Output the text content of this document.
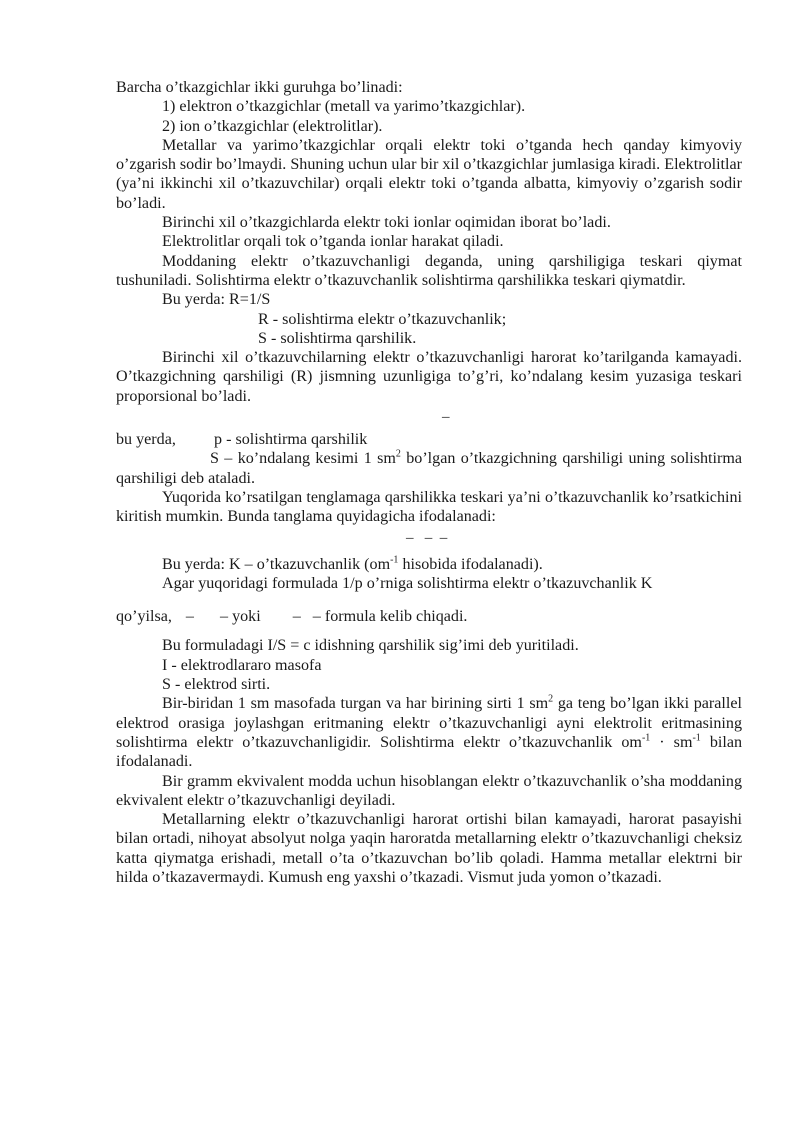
Barcha o’tkazgichlar ikki guruhga bo’linadi:

1) elektron o’tkazgichlar (metall va yarimo’tkazgichlar).

2) ion o’tkazgichlar (elektrolitlar).

Metallar va yarimo’tkazgichlar orqali elektr toki o’tganda hech qanday kimyoviy o’zgarish sodir bo’lmaydi. Shuning uchun ular bir xil o’tkazgichlar jumlasiga kiradi. Elektrolitlar (ya’ni ikkinchi xil o’tkazuvchilar) orqali elektr toki o’tganda albatta, kimyoviy o’zgarish sodir bo’ladi.

Birinchi xil o’tkazgichlarda elektr toki ionlar oqimidan iborat bo’ladi.

Elektrolitlar orqali tok o’tganda ionlar harakat qiladi.

Moddaning elektr o’tkazuvchanligi deganda, uning qarshiligiga teskari qiymat tushuniladi. Solishtirma elektr o’tkazuvchanlik solishtirma qarshilikka teskari qiymatdir.

Bu yerda: R=1/S

R - solishtirma elektr o’tkazuvchanlik;

S - solishtirma qarshilik.

Birinchi xil o’tkazuvchilarning elektr o’tkazuvchanligi harorat ko’tarilganda kamayadi. O’tkazgichning qarshiligi (R) jismning uzunligiga to’g’ri, ko’ndalang kesim yuzasiga teskari proporsional bo’ladi.

–
bu yerda,	p - solishtirma qarshilik

S – ko’ndalang kesimi 1 $sm^2$ bo’lgan o’tkazgichning qarshiligi uning solishtirma qarshiligi deb ataladi.

Yuqorida ko’rsatilgan tenglamaga qarshilikka teskari ya’ni o’tkazuvchanlik ko’rsatkichini kiritish mumkin. Bunda tanglama quyidagicha ifodalanadi:

–   –  –

Bu yerda: K – o’tkazuvchanlik ($om^{-1}$ hisobida ifodalanadi).

Agar yuqoridagi formulada 1/p o’rniga solishtirma elektr o’tkazuvchanlik K

qo’yilsa, – – yoki – – formula kelib chiqadi.

Bu formuladagi I/S = c idishning qarshilik sig’imi deb yuritiladi.

I - elektrodlararo masofa

S - elektrod sirti.

Bir-biridan 1 sm masofada turgan va har birining sirti 1 $sm^2$ ga teng bo’lgan ikki parallel elektrod orasiga joylashgan eritmaning elektr o’tkazuvchanligi ayni elektrolit eritmasining solishtirma elektr o’tkazuvchanligidir. Solishtirma elektr o’tkazuvchanlik $om^{-1} \cdot sm^{-1}$ bilan ifodalanadi.

Bir gramm ekvivalent modda uchun hisoblangan elektr o’tkazuvchanlik o’sha moddaning ekvivalent elektr o’tkazuvchanligi deyiladi.

Metallarning elektr o’tkazuvchanligi harorat ortishi bilan kamayadi, harorat pasayishi bilan ortadi, nihoyat absolyut nolga yaqin haroratda metallarning elektr o’tkazuvchanligi cheksiz katta qiymatga erishadi, metall o’ta o’tkazuvchan bo’lib qoladi. Hamma metallar elektrni bir hilda o’tkazavermaydi. Kumush eng yaxshi o’tkazadi. Vismut juda yomon o’tkazadi.
